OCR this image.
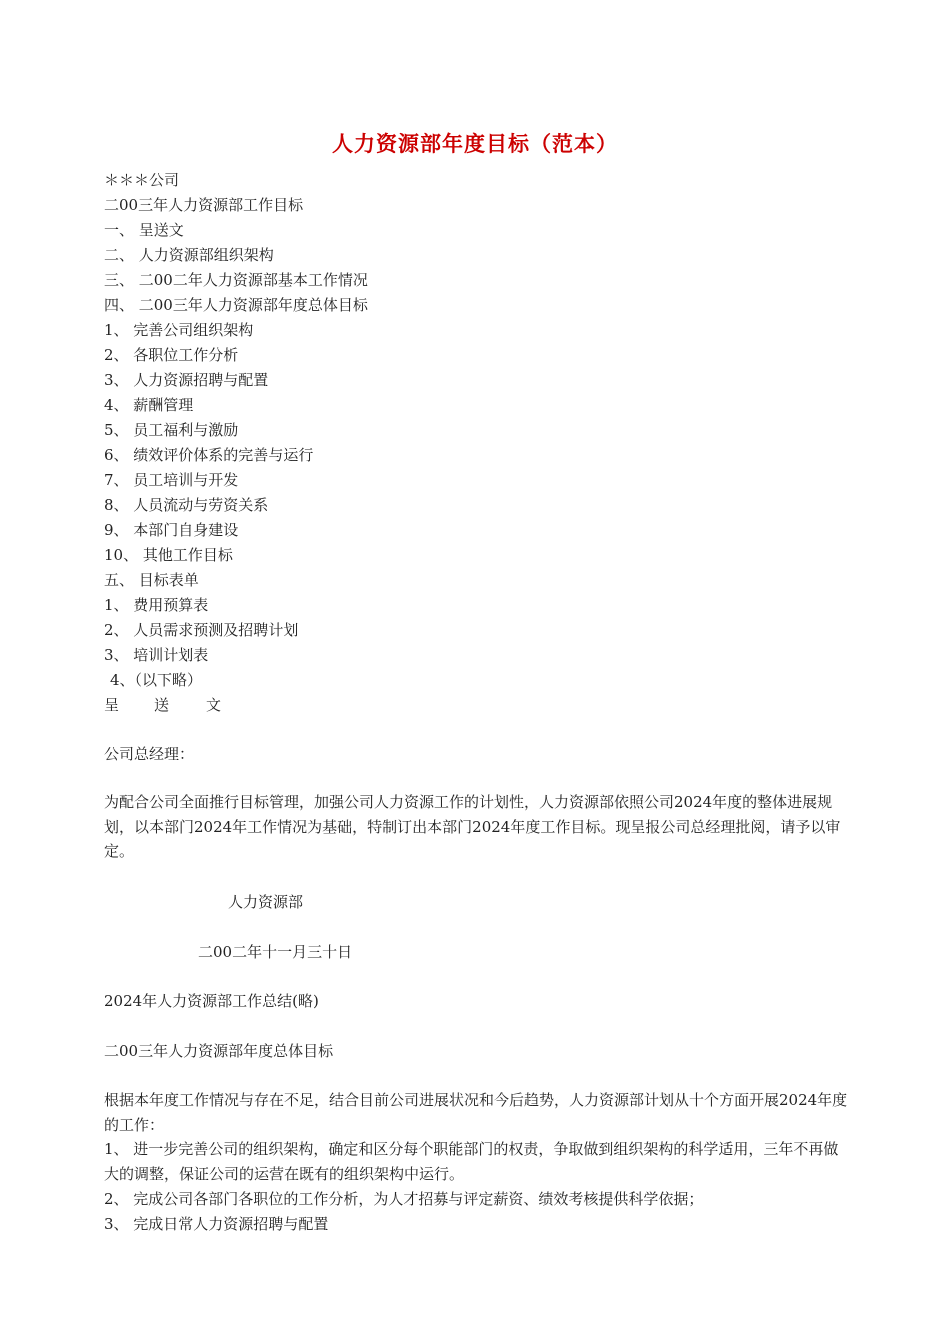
人力资源部年度目标（范本）
＊＊＊公司
二00三年人力资源部工作目标
一、 呈送文
二、 人力资源部组织架构
三、 二00二年人力资源部基本工作情况
四、 二00三年人力资源部年度总体目标
1、 完善公司组织架构
2、 各职位工作分析
3、 人力资源招聘与配置
4、 薪酬管理
5、 员工福利与激励
6、 绩效评价体系的完善与运行
7、 员工培训与开发
8、 人员流动与劳资关系
9、 本部门自身建设
10、 其他工作目标
五、 目标表单
1、 费用预算表
2、 人员需求预测及招聘计划
3、 培训计划表
4、（以下略）
呈 送 文
公司总经理：
为配合公司全面推行目标管理，加强公司人力资源工作的计划性，人力资源部依照公司2024年度的整体进展规划，以本部门2024年工作情况为基础，特制订出本部门2024年度工作目标。现呈报公司总经理批阅，请予以审定。
人力资源部
二00二年十一月三十日
2024年人力资源部工作总结(略)
二00三年人力资源部年度总体目标
根据本年度工作情况与存在不足，结合目前公司进展状况和今后趋势，人力资源部计划从十个方面开展2024年度的工作：
1、 进一步完善公司的组织架构，确定和区分每个职能部门的权责，争取做到组织架构的科学适用，三年不再做大的调整，保证公司的运营在既有的组织架构中运行。
2、 完成公司各部门各职位的工作分析，为人才招募与评定薪资、绩效考核提供科学依据；
3、 完成日常人力资源招聘与配置
